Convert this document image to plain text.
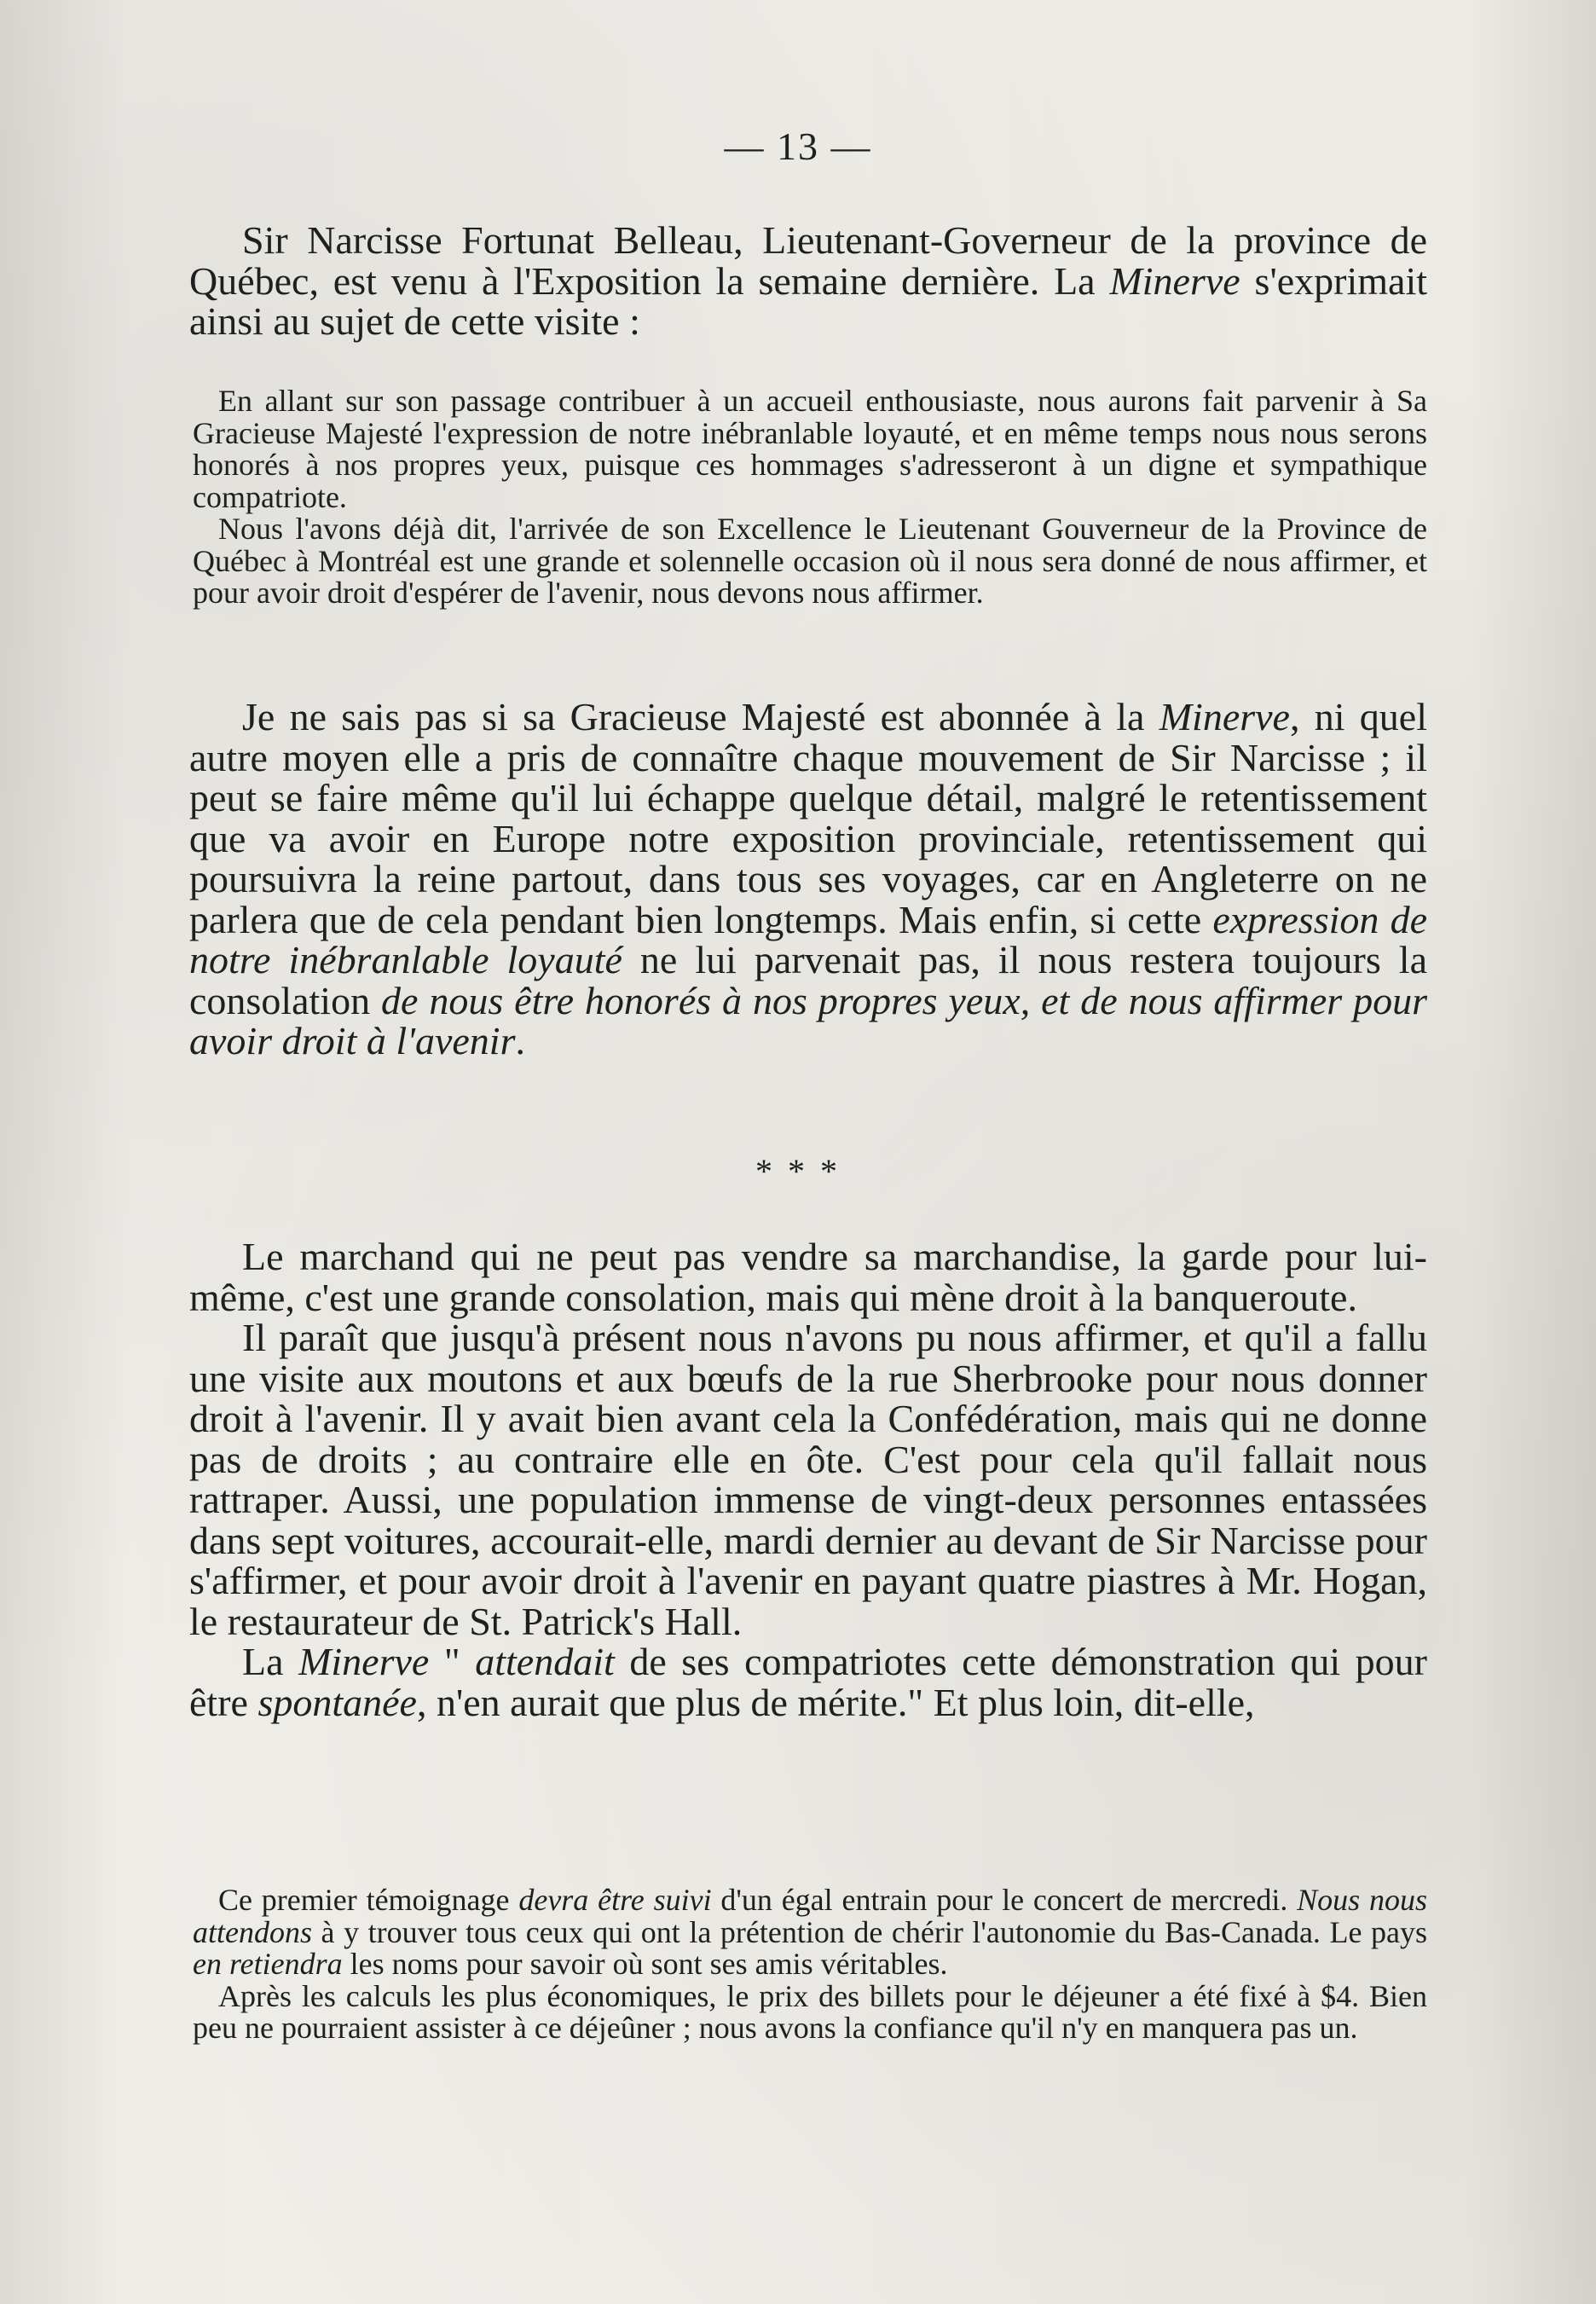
— 13 —

Sir Narcisse Fortunat Belleau, Lieutenant-Governeur de la province de Québec, est venu à l'Exposition la semaine dernière. La Minerve s'exprimait ainsi au sujet de cette visite :

En allant sur son passage contribuer à un accueil enthousiaste, nous aurons fait parvenir à Sa Gracieuse Majesté l'expression de notre inébranlable loyauté, et en même temps nous nous serons honorés à nos propres yeux, puisque ces hommages s'adresseront à un digne et sympathique compatriote.

Nous l'avons déjà dit, l'arrivée de son Excellence le Lieutenant Gouverneur de la Province de Québec à Montréal est une grande et solennelle occasion où il nous sera donné de nous affirmer, et pour avoir droit d'espérer de l'avenir, nous devons nous affirmer.

Je ne sais pas si sa Gracieuse Majesté est abonnée à la Minerve, ni quel autre moyen elle a pris de connaître chaque mouvement de Sir Narcisse ; il peut se faire même qu'il lui échappe quelque détail, malgré le retentissement que va avoir en Europe notre exposition provinciale, retentissement qui poursuivra la reine partout, dans tous ses voyages, car en Angleterre on ne parlera que de cela pendant bien longtemps. Mais enfin, si cette expression de notre inébranlable loyauté ne lui parvenait pas, il nous restera toujours la consolation de nous être honorés à nos propres yeux, et de nous affirmer pour avoir droit à l'avenir.

* * *

Le marchand qui ne peut pas vendre sa marchandise, la garde pour lui-même, c'est une grande consolation, mais qui mène droit à la banqueroute.

Il paraît que jusqu'à présent nous n'avons pu nous affirmer, et qu'il a fallu une visite aux moutons et aux bœufs de la rue Sherbrooke pour nous donner droit à l'avenir. Il y avait bien avant cela la Confédération, mais qui ne donne pas de droits ; au contraire elle en ôte. C'est pour cela qu'il fallait nous rattraper. Aussi, une population immense de vingt-deux personnes entassées dans sept voitures, accourait-elle, mardi dernier au devant de Sir Narcisse pour s'affirmer, et pour avoir droit à l'avenir en payant quatre piastres à Mr. Hogan, le restaurateur de St. Patrick's Hall.

La Minerve " attendait de ses compatriotes cette démonstration qui pour être spontanée, n'en aurait que plus de mérite." Et plus loin, dit-elle,

Ce premier témoignage devra être suivi d'un égal entrain pour le concert de mercredi. Nous nous attendons à y trouver tous ceux qui ont la prétention de chérir l'autonomie du Bas-Canada. Le pays en retiendra les noms pour savoir où sont ses amis véritables.

Après les calculs les plus économiques, le prix des billets pour le déjeuner a été fixé à $4. Bien peu ne pourraient assister à ce déjeûner ; nous avons la confiance qu'il n'y en manquera pas un.
